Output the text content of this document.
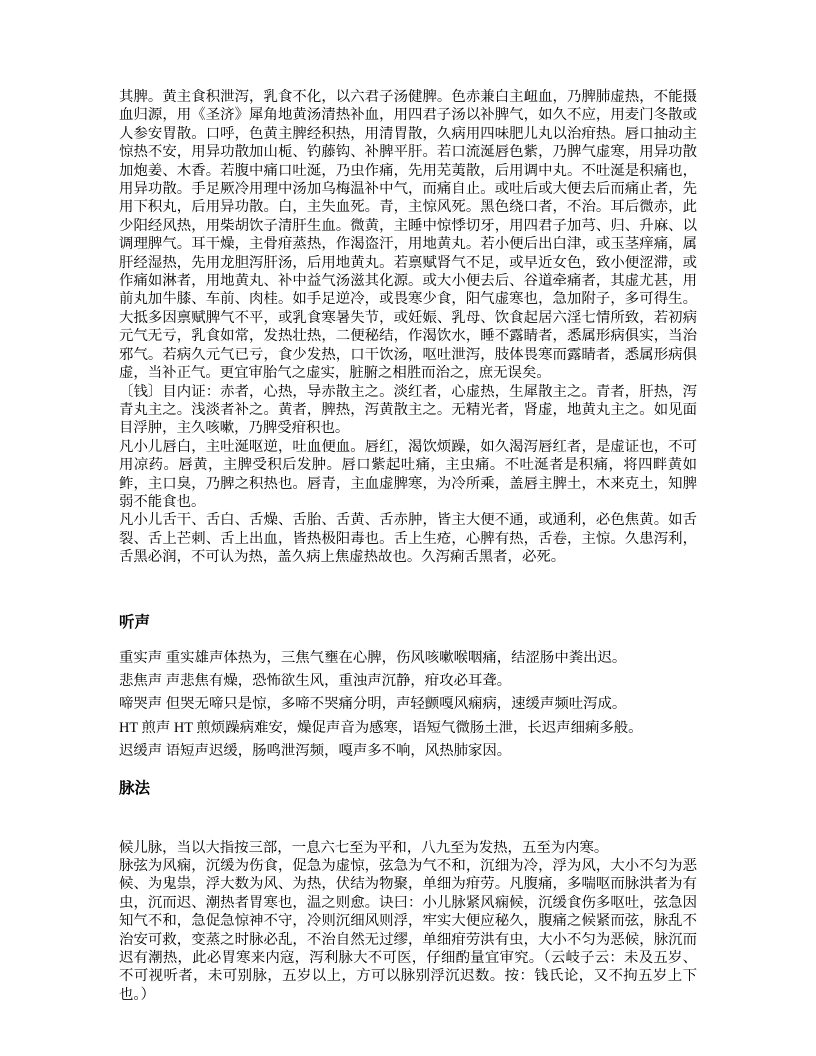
其脾。黄主食积泄泻，乳食不化，以六君子汤健脾。色赤兼白主衄血，乃脾肺虚热，不能摄血归源，用《圣济》犀角地黄汤清热补血，用四君子汤以补脾气，如久不应，用麦门冬散或人参安胃散。口呼，色黄主脾经积热，用清胃散，久病用四味肥儿丸以治疳热。唇口抽动主惊热不安，用异功散加山栀、钓藤钩、补脾平肝。若口流涎唇色紫，乃脾气虚寒，用异功散加炮姜、木香。若腹中痛口吐涎，乃虫作痛，先用芜荑散，后用调中丸。不吐涎是积痛也，用异功散。手足厥冷用理中汤加乌梅温补中气，而痛自止。或吐后或大便去后而痛止者，先用下积丸，后用异功散。白，主失血死。青，主惊风死。黑色绕口者，不治。耳后微赤，此少阳经风热，用柴胡饮子清肝生血。微黄，主睡中惊悸切牙，用四君子加芎、归、升麻、以调理脾气。耳干燥，主骨疳蒸热，作渴盗汗，用地黄丸。若小便后出白津，或玉茎痒痛，属肝经湿热，先用龙胆泻肝汤，后用地黄丸。若禀赋肾气不足，或早近女色，致小便涩滞，或作痛如淋者，用地黄丸、补中益气汤滋其化源。或大小便去后、谷道牵痛者，其虚尤甚，用前丸加牛膝、车前、肉桂。如手足逆冷，或畏寒少食，阳气虚寒也，急加附子，多可得生。大抵多因禀赋脾气不平，或乳食寒暑失节，或妊娠、乳母、饮食起居六淫七情所致，若初病元气无亏，乳食如常，发热壮热，二便秘结，作渴饮水，睡不露睛者，悉属形病俱实，当治邪气。若病久元气已亏，食少发热，口干饮汤，呕吐泄泻，肢体畏寒而露睛者，悉属形病俱虚，当补正气。更宜审胎气之虚实，脏腑之相胜而治之，庶无误矣。

〔钱〕目内证：赤者，心热，导赤散主之。淡红者，心虚热，生犀散主之。青者，肝热，泻青丸主之。浅淡者补之。黄者，脾热，泻黄散主之。无精光者，肾虚，地黄丸主之。如见面目浮肿，主久咳嗽，乃脾受疳积也。

凡小儿唇白，主吐涎呕逆，吐血便血。唇红，渴饮烦躁，如久渴泻唇红者，是虚证也，不可用凉药。唇黄，主脾受积后发肿。唇口紫起吐痛，主虫痛。不吐涎者是积痛，将四畔黄如鲊，主口臭，乃脾之积热也。唇青，主血虚脾寒，为冷所乘，盖唇主脾土，木来克土，知脾弱不能食也。

凡小儿舌干、舌白、舌燥、舌胎、舌黄、舌赤肿，皆主大便不通，或通利，必色焦黄。如舌裂、舌上芒刺、舌上出血，皆热极阳毒也。舌上生疮，心脾有热，舌卷，主惊。久患泻利，舌黑必润，不可认为热，盖久病上焦虚热故也。久泻痢舌黑者，必死。

听声

重实声 重实雄声体热为，三焦气壅在心脾，伤风咳嗽喉咽痛，结涩肠中粪出迟。

悲焦声 声悲焦有燥，恐怖欲生风，重浊声沉静，疳攻必耳聋。

啼哭声 但哭无啼只是惊，多啼不哭痛分明，声轻颤嘎风痫病，速缓声频吐泻成。

HT 煎声 HT 煎烦躁病难安，燥促声音为感寒，语短气微肠土泄，长迟声细痢多般。

迟缓声 语短声迟缓，肠鸣泄泻频，嘎声多不响，风热肺家因。

脉法

候儿脉，当以大指按三部，一息六七至为平和，八九至为发热，五至为内寒。

脉弦为风痫，沉缓为伤食，促急为虚惊，弦急为气不和，沉细为冷，浮为风，大小不匀为恶候、为鬼祟，浮大数为风、为热，伏结为物聚，单细为疳劳。凡腹痛，多喘呕而脉洪者为有虫，沉而迟、潮热者胃寒也，温之则愈。诀曰：小儿脉紧风痫候，沉缓食伤多呕吐，弦急因知气不和，急促急惊神不守，冷则沉细风则浮，牢实大便应秘久，腹痛之候紧而弦，脉乱不治安可救，变蒸之时脉必乱，不治自然无过缪，单细疳劳洪有虫，大小不匀为恶候，脉沉而迟有潮热，此必胃寒来内寇，泻利脉大不可医，仔细酌量宜审究。（云岐子云：未及五岁、不可视听者，未可别脉，五岁以上，方可以脉别浮沉迟数。按：钱氏论，又不拘五岁上下也。）
